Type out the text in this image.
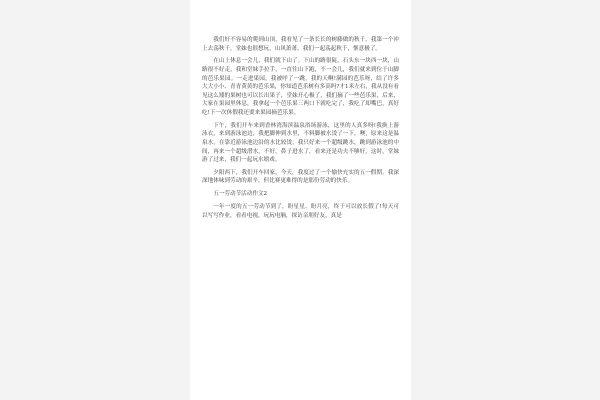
我们好不容易的爬到山顶，我看见了一条长长的树藤做的秋千，我第一个冲上去荡秋千，堂妹也很想玩，山风萧萧，我们一起荡起秋千，惬意极了。

在山上休息一会儿，我们就下山了。下山的路很陡，石头东一块西一块，山路很不好走，我和堂妹手拉手，一直往山下跑，不一会儿，我们就来到位于山脚的芭乐果园。一走进果园，我被呼了一跳，我的天啊!满园的芭乐呀，结了许多大大小小、青青黄黄的芭乐果，你知道芭乐树有多高吗?才1米左右，我从没有看见这么矮的果树也可以长出果子，堂妹开心极了，我们摘了一些芭乐果，后来，大家在果园里休息，我拿起一个芭乐果三两口下就吃完了，我吃了却嘴巴，真好吃!下一次休假我还要来果园摘芭乐果。

下午，我们开车来到香林湾海滨温泉浴场游泳，这里的人真多呀!我换上游泳衣，来到游泳池边，我把脚伸到水里，不料脚被水烫了一下，噢，原来这是温泉水，在靠近游泳池边沿的水比较烫，我只好来一个超级跳水，跳到游泳池的中间，再来一个超级潜水，不好，鼻子进水了，看来还是功夫不够好，这时，堂妹游了过来，我们一起玩水嬉戏。

夕阳西下，我们开车回家，今天，我度过了一个愉快充实的五一假期，我深深地体味到劳动的艰辛，但比赛更难得的是那份劳动的快乐。

五一劳动节活动作文2

一年一度的五一劳动节到了，盼星星、盼月亮，终于可以放长假了!每天可以写写作业，看看电视，玩玩电脑，探访亲朋好友，真是
